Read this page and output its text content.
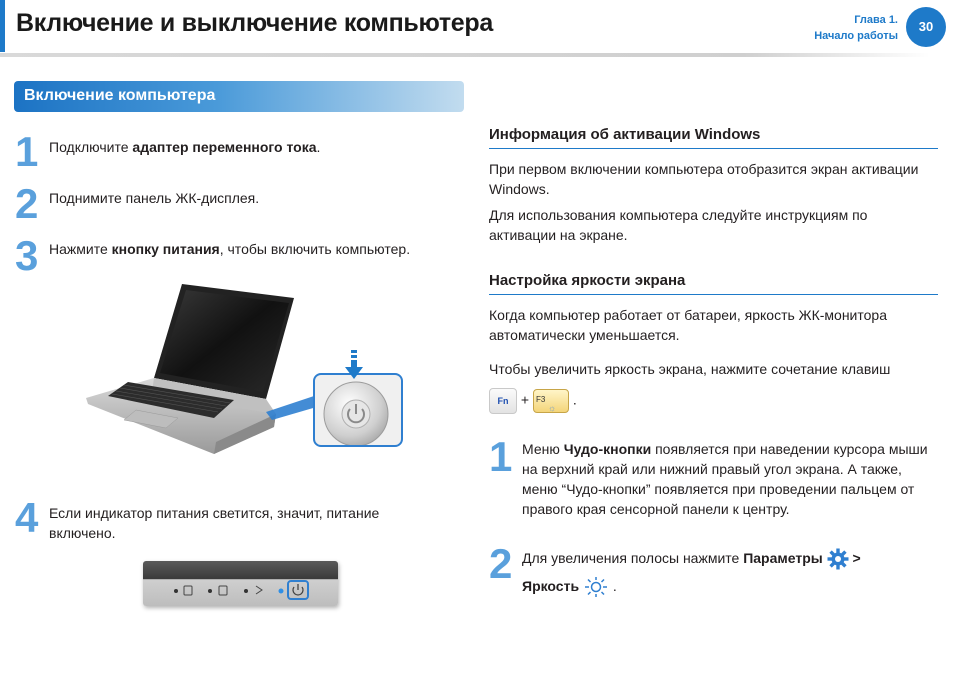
Включение и выключение компьютера	Глава 1.
Начало работы
30
Включение компьютера
1 Подключите адаптер переменного тока.
2 Поднимите панель ЖК-дисплея.
3 Нажмите кнопку питания, чтобы включить компьютер.
4 Если индикатор питания светится, значит, питание
включено.
Информация об активации Windows
При первом включении компьютера отобразится экран активации Windows.
Для использования компьютера следуйте инструкциям по активации на экране.
Настройка яркости экрана
Когда компьютер работает от батареи, яркость ЖК-монитора автоматически уменьшается.
Чтобы увеличить яркость экрана, нажмите сочетание клавиш
Fn + F3
☼
.
1 Меню Чудо-кнопки появляется при наведении курсора мыши на верхний край или нижний правый угол экрана. А также, меню “Чудо-кнопки” появляется при проведении пальцем от правого края сенсорной панели к центру.
2 Для увеличения полосы нажмите Параметры >
Яркость .
